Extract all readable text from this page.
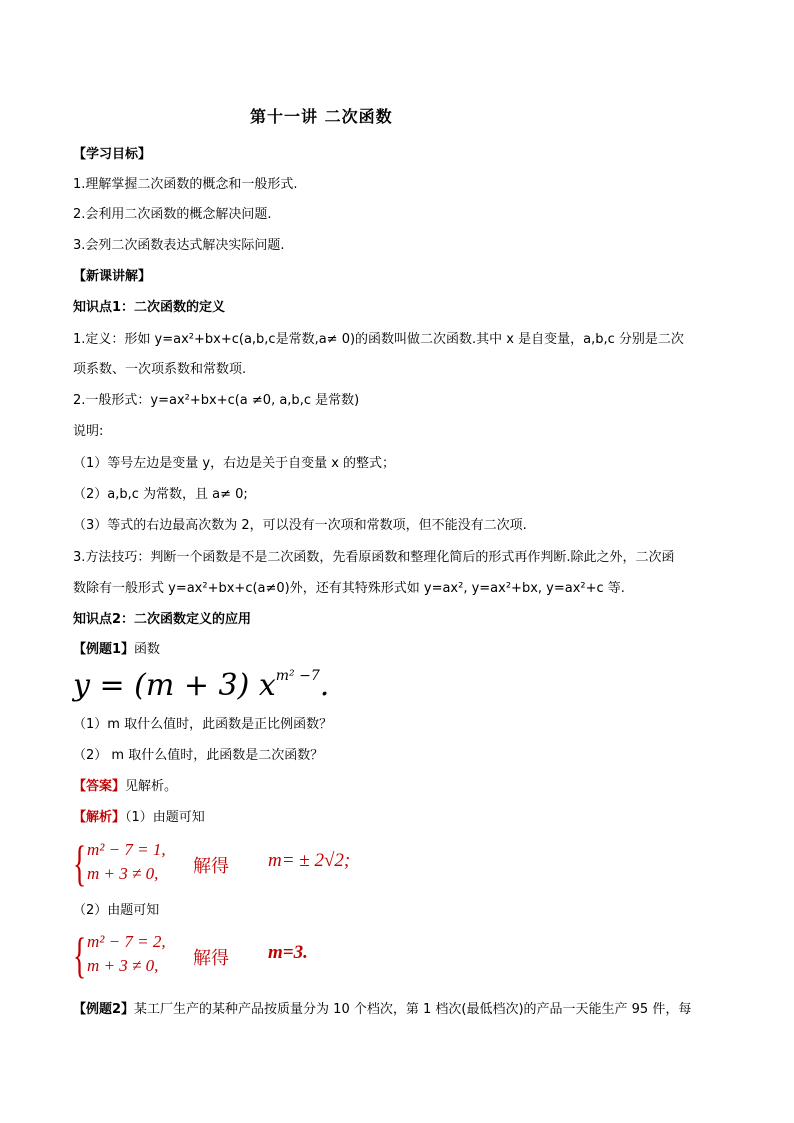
第十一讲 二次函数
【学习目标】
1.理解掌握二次函数的概念和一般形式.
2.会利用二次函数的概念解决问题.
3.会列二次函数表达式解决实际问题.
【新课讲解】
知识点1：二次函数的定义
1.定义：形如 y=ax²+bx+c(a,b,c是常数,a≠ 0)的函数叫做二次函数.其中 x 是自变量，a,b,c 分别是二次
项系数、一次项系数和常数项.
2.一般形式：y=ax²+bx+c(a ≠0, a,b,c 是常数)
说明:
（1）等号左边是变量 y，右边是关于自变量 x 的整式；
（2）a,b,c 为常数，且 a≠ 0;
（3）等式的右边最高次数为 2，可以没有一次项和常数项，但不能没有二次项.
3.方法技巧：判断一个函数是不是二次函数，先看原函数和整理化简后的形式再作判断.除此之外，二次函
数除有一般形式 y=ax²+bx+c(a≠0)外，还有其特殊形式如 y=ax², y=ax²+bx, y=ax²+c 等.
知识点2：二次函数定义的应用
【例题1】函数
y = (m + 3) $x^{m^2 -7}$.
（1）m 取什么值时，此函数是正比例函数？
（2） m 取什么值时，此函数是二次函数？
【答案】见解析。
【解析】（1）由题可知
{ m² − 7 = 1,
m + 3 ≠ 0, 解得 m= ± 2√2;
（2）由题可知
{ m² − 7 = 2,
m + 3 ≠ 0, 解得 m=3.
【例题2】某工厂生产的某种产品按质量分为 10 个档次，第 1 档次(最低档次)的产品一天能生产 95 件，每
